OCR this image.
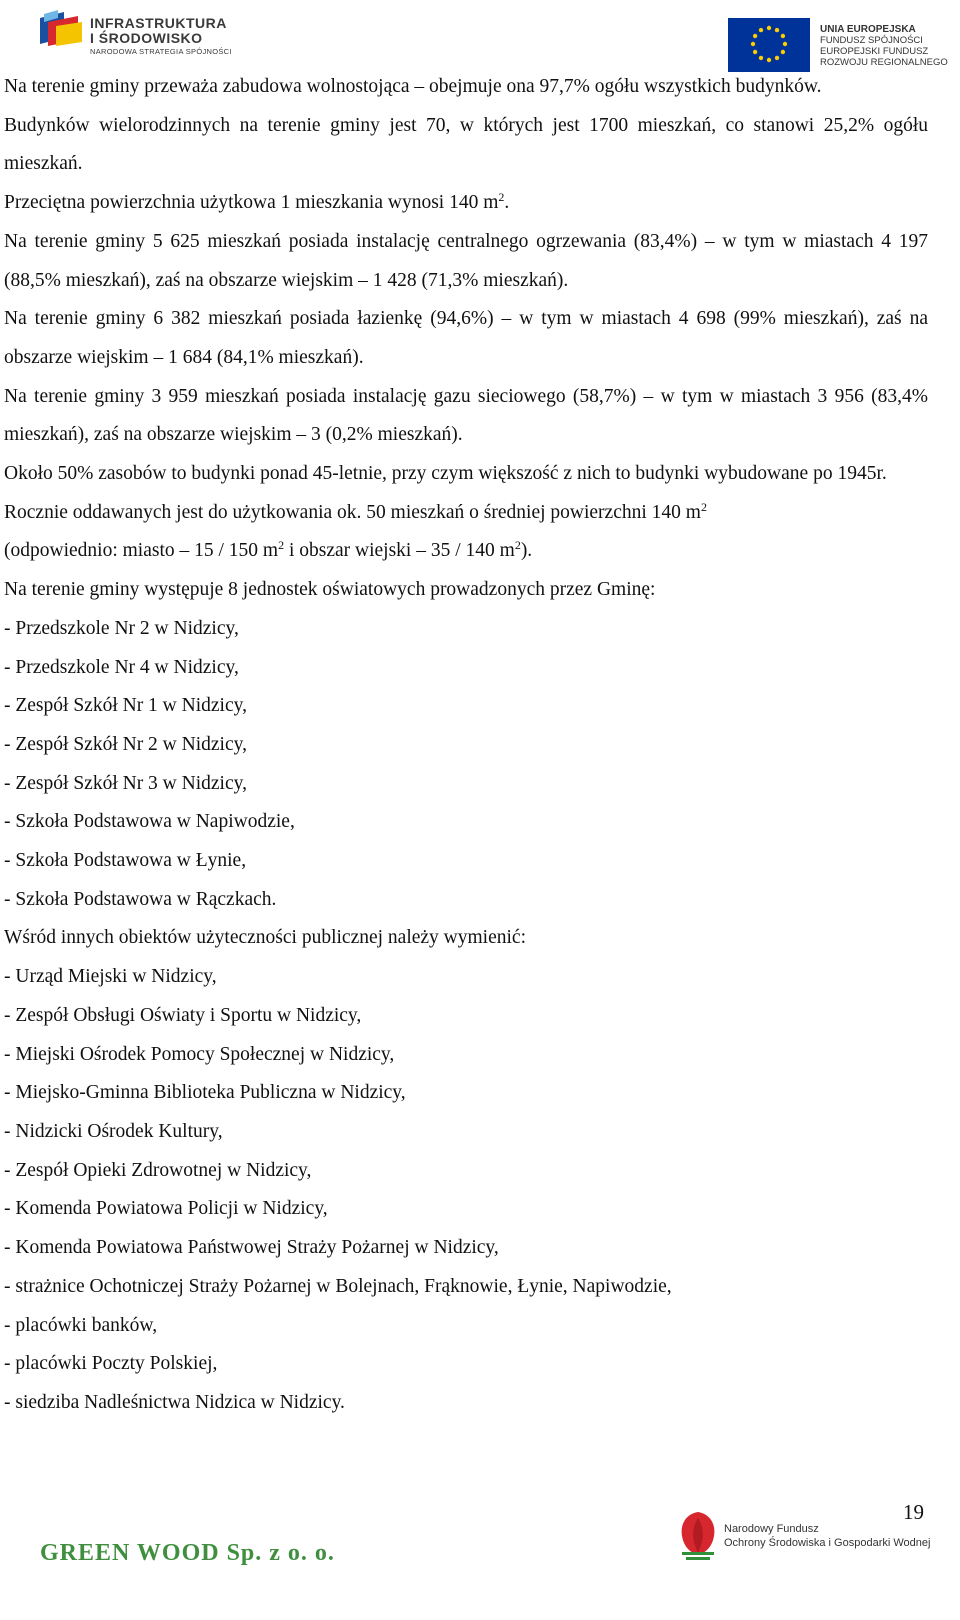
INFRASTRUKTURA
I ŚRODOWISKO
NARODOWA STRATEGIA SPÓJNOŚCI
UNIA EUROPEJSKA
FUNDUSZ SPÓJNOŚCI
EUROPEJSKI FUNDUSZ
ROZWOJU REGIONALNEGO

Na terenie gminy przeważa zabudowa wolnostojąca – obejmuje ona 97,7% ogółu wszystkich budynków.

Budynków wielorodzinnych na terenie gminy jest 70, w których jest 1700 mieszkań, co stanowi 25,2% ogółu mieszkań.

Przeciętna powierzchnia użytkowa 1 mieszkania wynosi 140 $m^2$.

Na terenie gminy 5 625 mieszkań posiada instalację centralnego ogrzewania (83,4%) – w tym w miastach 4 197 (88,5% mieszkań), zaś na obszarze wiejskim – 1 428 (71,3% mieszkań).

Na terenie gminy 6 382 mieszkań posiada łazienkę (94,6%) – w tym w miastach 4 698 (99% mieszkań), zaś na obszarze wiejskim – 1 684 (84,1% mieszkań).

Na terenie gminy 3 959 mieszkań posiada instalację gazu sieciowego (58,7%) – w tym w miastach 3 956 (83,4% mieszkań), zaś na obszarze wiejskim – 3 (0,2% mieszkań).

Około 50% zasobów to budynki ponad 45-letnie, przy czym większość z nich to budynki wybudowane po 1945r.

Rocznie oddawanych jest do użytkowania ok. 50 mieszkań o średniej powierzchni 140 $m^2$
(odpowiednio: miasto – 15 / 150 $m^2$ i obszar wiejski – 35 / 140 $m^2$).

Na terenie gminy występuje 8 jednostek oświatowych prowadzonych przez Gminę:

- Przedszkole Nr 2 w Nidzicy,

- Przedszkole Nr 4 w Nidzicy,

- Zespół Szkół Nr 1 w Nidzicy,

- Zespół Szkół Nr 2 w Nidzicy,

- Zespół Szkół Nr 3 w Nidzicy,

- Szkoła Podstawowa w Napiwodzie,

- Szkoła Podstawowa w Łynie,

- Szkoła Podstawowa w Rączkach.

Wśród innych obiektów użyteczności publicznej należy wymienić:

- Urząd Miejski w Nidzicy,

- Zespół Obsługi Oświaty i Sportu w Nidzicy,

- Miejski Ośrodek Pomocy Społecznej w Nidzicy,

- Miejsko-Gminna Biblioteka Publiczna w Nidzicy,

- Nidzicki Ośrodek Kultury,

- Zespół Opieki Zdrowotnej w Nidzicy,

- Komenda Powiatowa Policji w Nidzicy,

- Komenda Powiatowa Państwowej Straży Pożarnej w Nidzicy,

- strażnice Ochotniczej Straży Pożarnej w Bolejnach, Frąknowie, Łynie, Napiwodzie,

- placówki banków,

- placówki Poczty Polskiej,

- siedziba Nadleśnictwa Nidzica w Nidzicy.

19
GREEN WOOD Sp. z o. o.
Narodowy Fundusz
Ochrony Środowiska i Gospodarki Wodnej
